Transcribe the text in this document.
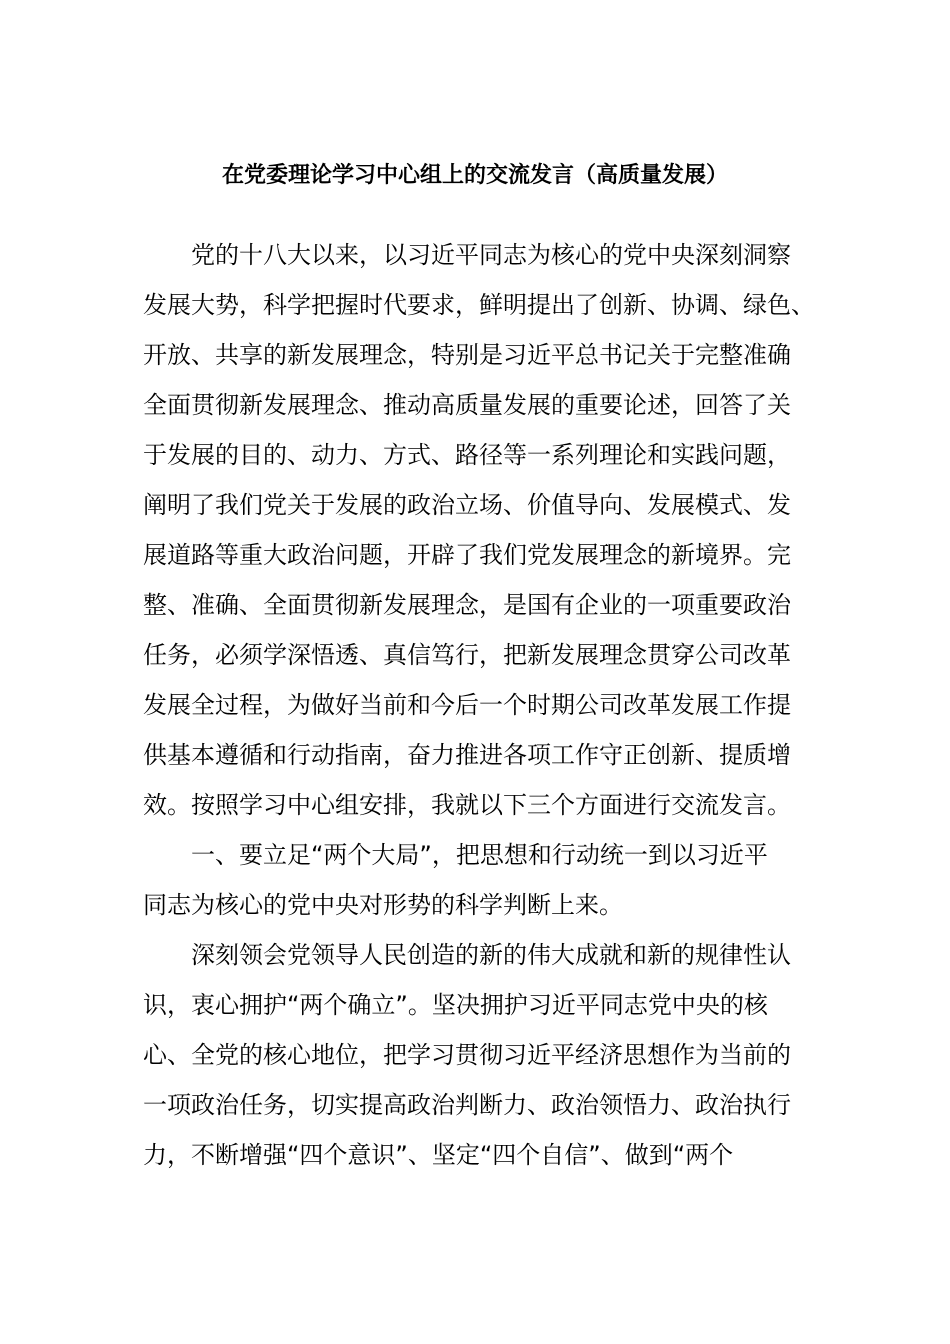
在党委理论学习中心组上的交流发言（高质量发展）
　　党的十八大以来，以习近平同志为核心的党中央深刻洞察
发展大势，科学把握时代要求，鲜明提出了创新、协调、绿色、
开放、共享的新发展理念，特别是习近平总书记关于完整准确
全面贯彻新发展理念、推动高质量发展的重要论述，回答了关
于发展的目的、动力、方式、路径等一系列理论和实践问题，
阐明了我们党关于发展的政治立场、价值导向、发展模式、发
展道路等重大政治问题，开辟了我们党发展理念的新境界。完
整、准确、全面贯彻新发展理念，是国有企业的一项重要政治
任务，必须学深悟透、真信笃行，把新发展理念贯穿公司改革
发展全过程，为做好当前和今后一个时期公司改革发展工作提
供基本遵循和行动指南，奋力推进各项工作守正创新、提质增
效。按照学习中心组安排，我就以下三个方面进行交流发言。
　　一、要立足“两个大局”，把思想和行动统一到以习近平
同志为核心的党中央对形势的科学判断上来。
　　深刻领会党领导人民创造的新的伟大成就和新的规律性认
识，衷心拥护“两个确立”。坚决拥护习近平同志党中央的核
心、全党的核心地位，把学习贯彻习近平经济思想作为当前的
一项政治任务，切实提高政治判断力、政治领悟力、政治执行
力，不断增强“四个意识”、坚定“四个自信”、做到“两个
